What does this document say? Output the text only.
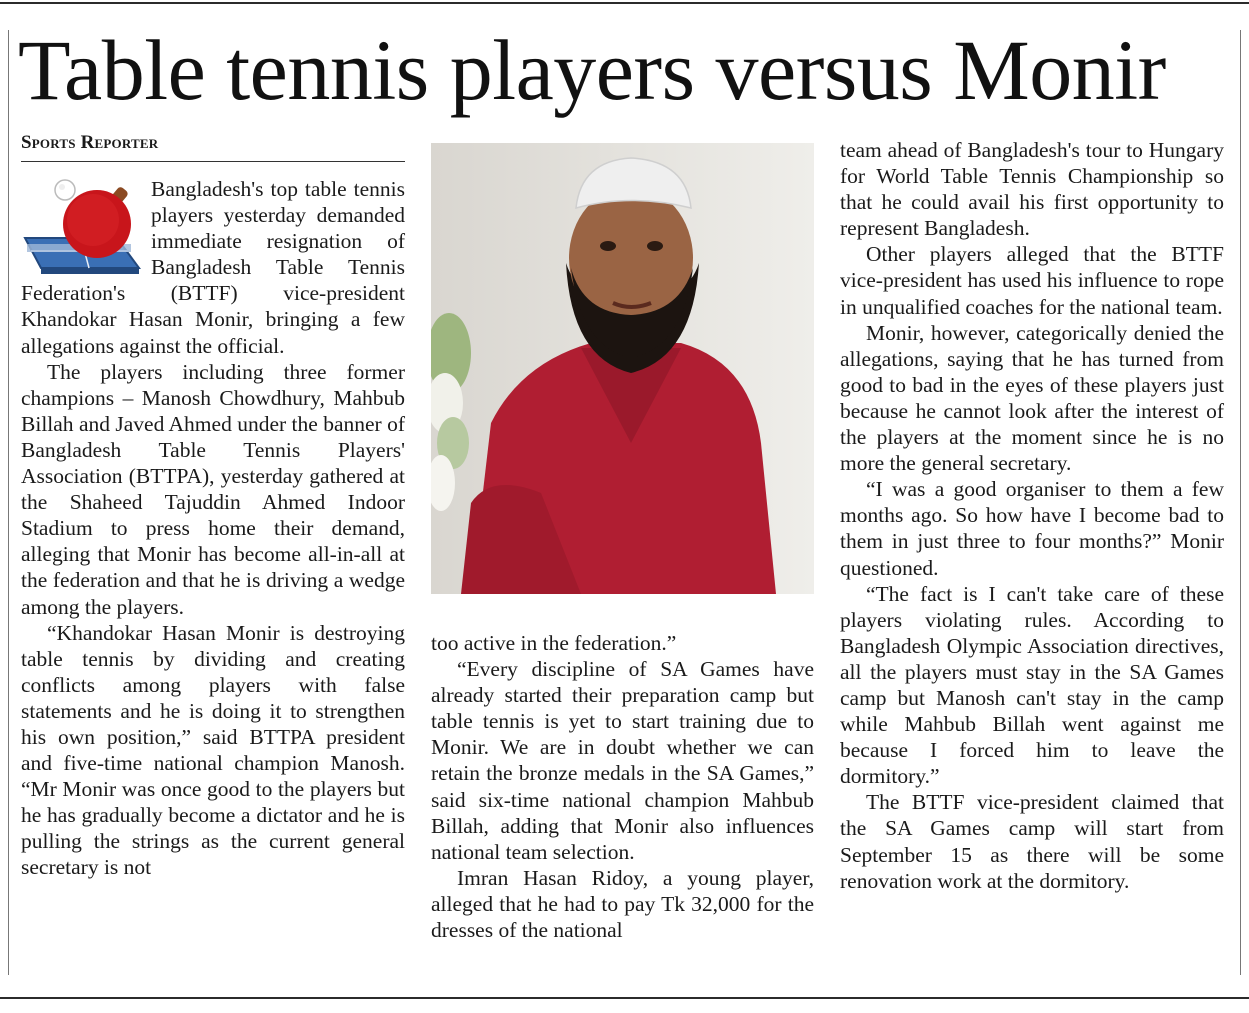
Table tennis players versus Monir
Sports Reporter

Bangladesh's top table tennis players yesterday demanded immediate resignation of Bangladesh Table Tennis Federation's (BTTF) vice-president Khandokar Hasan Monir, bringing a few allegations against the official.

The players including three former champions – Manosh Chowdhury, Mahbub Billah and Javed Ahmed under the banner of Bangladesh Table Tennis Players' Association (BTTPA), yesterday gathered at the Shaheed Tajuddin Ahmed Indoor Stadium to press home their demand, alleging that Monir has become all-in-all at the federation and that he is driving a wedge among the players.

“Khandokar Hasan Monir is destroying table tennis by dividing and creating conflicts among players with false statements and he is doing it to strengthen his own position,” said BTTPA president and five-time national champion Manosh. “Mr Monir was once good to the players but he has gradually become a dictator and he is pulling the strings as the current general secretary is not

too active in the federation.”

“Every discipline of SA Games have already started their preparation camp but table tennis is yet to start training due to Monir. We are in doubt whether we can retain the bronze medals in the SA Games,” said six-time national champion Mahbub Billah, adding that Monir also influences national team selection.

Imran Hasan Ridoy, a young player, alleged that he had to pay Tk 32,000 for the dresses of the national

team ahead of Bangladesh's tour to Hungary for World Table Tennis Championship so that he could avail his first opportunity to represent Bangladesh.

Other players alleged that the BTTF vice-president has used his influence to rope in unqualified coaches for the national team.

Monir, however, categorically denied the allegations, saying that he has turned from good to bad in the eyes of these players just because he cannot look after the interest of the players at the moment since he is no more the general secretary.

“I was a good organiser to them a few months ago. So how have I become bad to them in just three to four months?” Monir questioned.

“The fact is I can't take care of these players violating rules. According to Bangladesh Olympic Association directives, all the players must stay in the SA Games camp but Manosh can't stay in the camp while Mahbub Billah went against me because I forced him to leave the dormitory.”

The BTTF vice-president claimed that the SA Games camp will start from September 15 as there will be some renovation work at the dormitory.
